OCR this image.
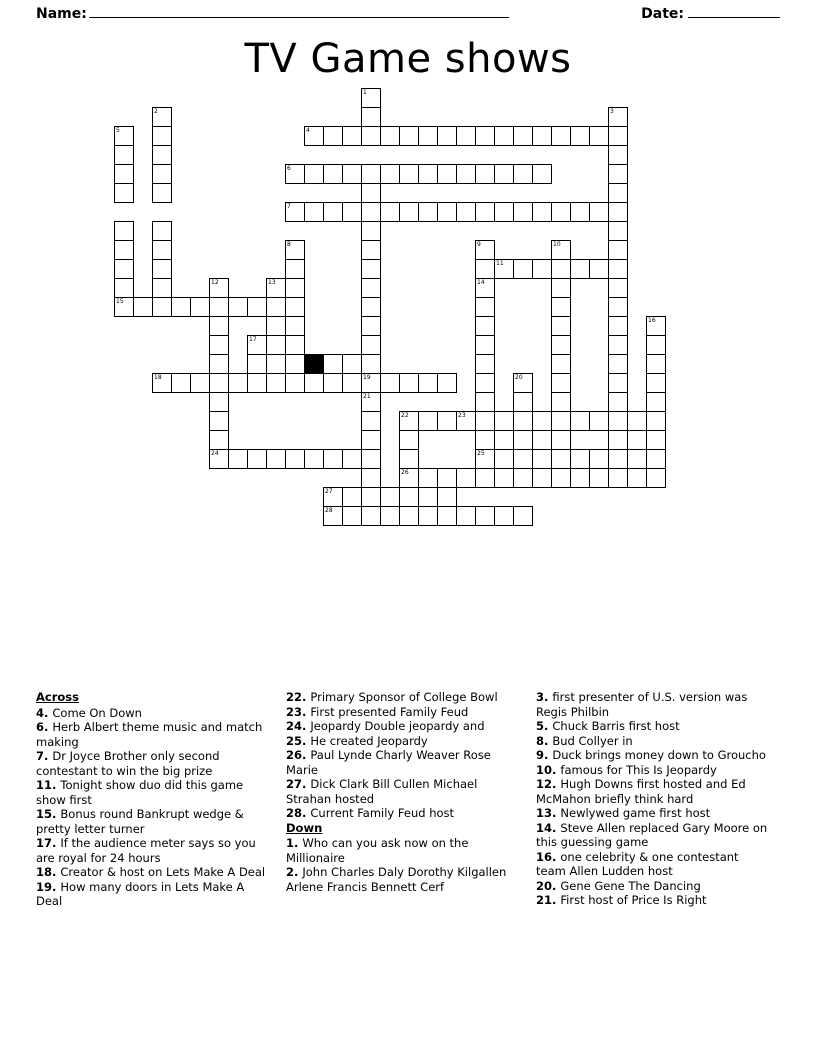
Name:	Date:
TV Game shows
1
2	3
5	4
6
7
8	9	10
11
12	13	14
15
16
17
18	19	20
21
22	23
24	25
26
27
28
Across
4. Come On Down
6. Herb Albert theme music and match making
7. Dr Joyce Brother only second contestant to win the big prize
11. Tonight show duo did this game show first
15. Bonus round Bankrupt wedge & pretty letter turner
17. If the audience meter says so you are royal for 24 hours
18. Creator & host on Lets Make A Deal
19. How many doors in Lets Make A Deal
22. Primary Sponsor of College Bowl
23. First presented Family Feud
24. Jeopardy Double jeopardy and
25. He created Jeopardy
26. Paul Lynde Charly Weaver Rose Marie
27. Dick Clark Bill Cullen Michael Strahan hosted
28. Current Family Feud host
Down
1. Who can you ask now on the Millionaire
2. John Charles Daly Dorothy Kilgallen Arlene Francis Bennett Cerf
3. first presenter of U.S. version was Regis Philbin
5. Chuck Barris first host
8. Bud Collyer in
9. Duck brings money down to Groucho
10. famous for This Is Jeopardy
12. Hugh Downs first hosted and Ed McMahon briefly think hard
13. Newlywed game first host
14. Steve Allen replaced Gary Moore on this guessing game
16. one celebrity & one contestant team Allen Ludden host
20. Gene Gene The Dancing
21. First host of Price Is Right
